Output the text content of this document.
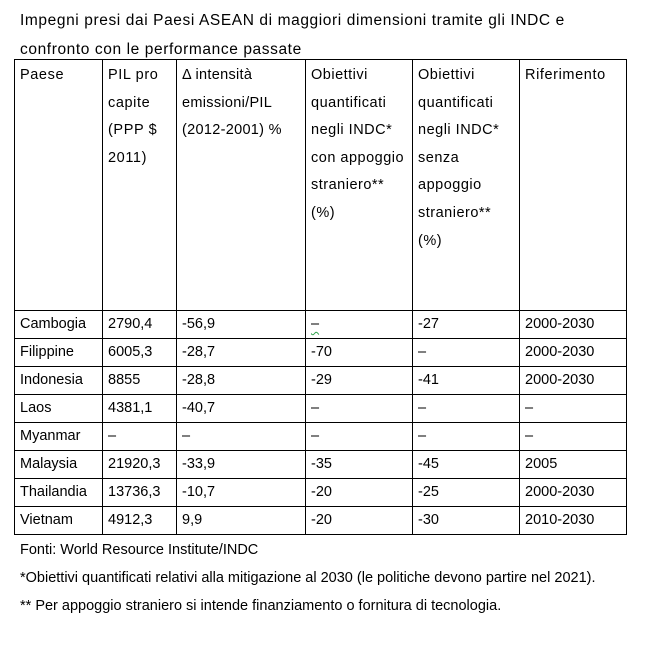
Impegni presi dai Paesi ASEAN di maggiori dimensioni tramite gli INDC e confronto con le performance passate
Paese	PIL pro capite (PPP $ 2011)	Δ intensità emissioni/PIL (2012-2001) %	Obiettivi quantificati negli INDC* con appoggio straniero** (%)	Obiettivi quantificati negli INDC* senza appoggio straniero** (%)	Riferimento

Cambogia	2790,4	-56,9	–	-27	2000-2030
Filippine	6005,3	-28,7	-70	–	2000-2030
Indonesia	8855	-28,8	-29	-41	2000-2030
Laos	4381,1	-40,7	–	–	–
Myanmar	–	–	–	–	–
Malaysia	21920,3	-33,9	-35	-45	2005
Thailandia	13736,3	-10,7	-20	-25	2000-2030
Vietnam	4912,3	9,9	-20	-30	2010-2030

Fonti: World Resource Institute/INDC

*Obiettivi quantificati relativi alla mitigazione al 2030 (le politiche devono partire nel 2021).

** Per appoggio straniero si intende finanziamento o fornitura di tecnologia.
